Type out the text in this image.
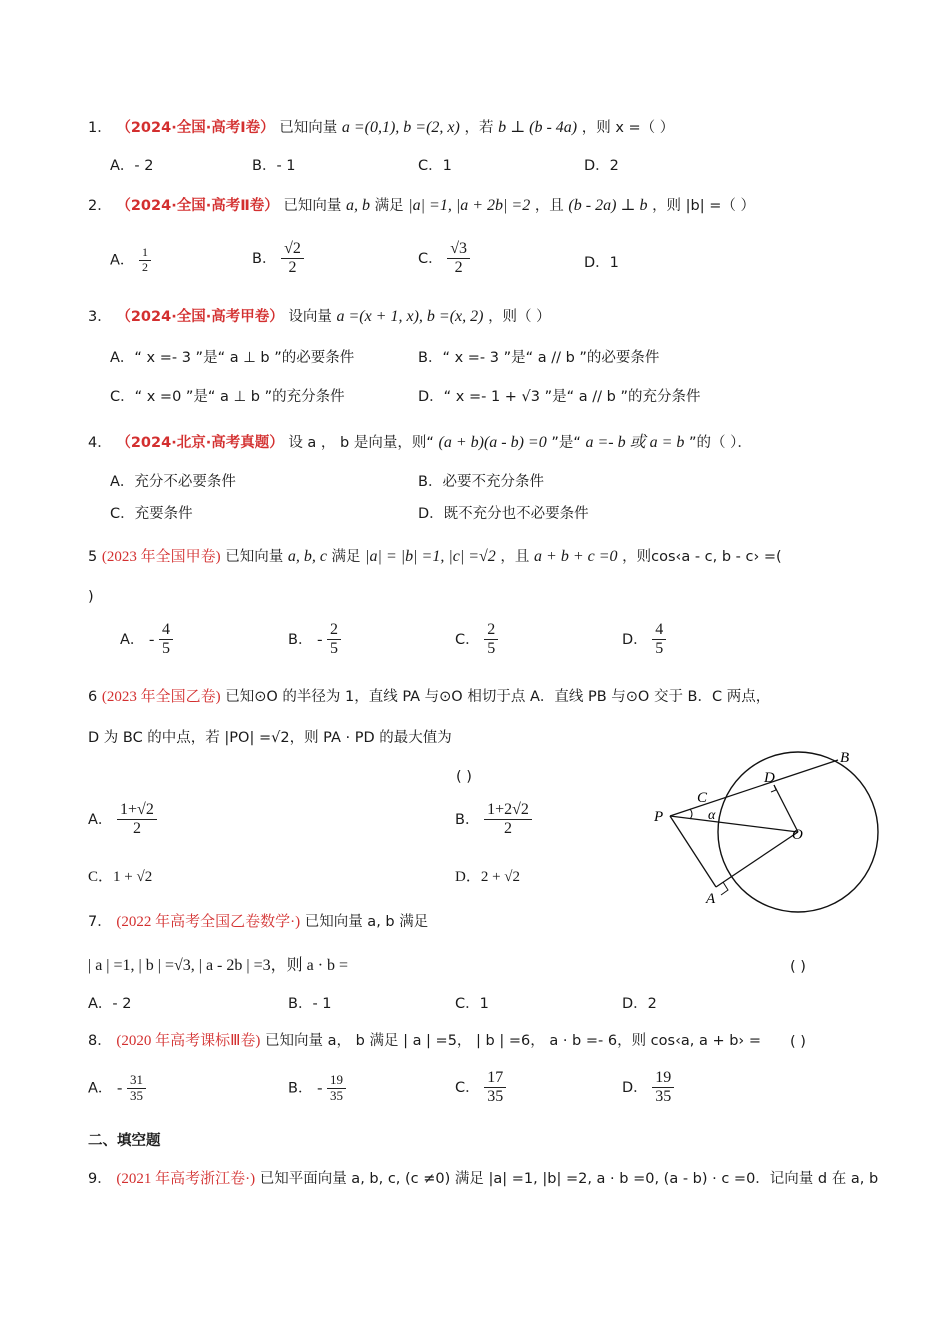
1． （2024·全国·高考Ⅰ卷） 已知向量 a =(0,1), b =(2, x) ，若 b ⊥ (b - 4a) ，则 x =（ ）
A．- 2	B．- 1	C．1	D．2
2． （2024·全国·高考Ⅱ卷） 已知向量 a, b 满足 |a| =1, |a + 2b| =2 ，且 (b - 2a) ⊥ b ，则 |b| =（ ）
A． $\frac{1}{2}$	B． $\frac{√2}{2}$	C． $\frac{√3}{2}$	D．1
3． （2024·全国·高考甲卷） 设向量 a =(x + 1, x), b =(x, 2) ，则（ ）
A．“ x =- 3 ”是“ a ⊥ b ”的必要条件	B．“ x =- 3 ”是“ a // b ”的必要条件
C．“ x =0 ”是“ a ⊥ b ”的充分条件	D．“ x =- 1 + √3 ”是“ a // b ”的充分条件
4． （2024·北京·高考真题） 设 a ， b 是向量，则“ (a + b)(a - b) =0 ”是“ a =- b 或 a = b ”的（ ）．
A．充分不必要条件	B．必要不充分条件
C．充要条件	D．既不充分也不必要条件
5 (2023 年全国甲卷) 已知向量 a, b, c 满足 |a| = |b| =1, |c| =√2 ，且 a + b + c =0 ，则cos‹a - c, b - c› =(
)
A． - $\frac{4}{5}$	B． - $\frac{2}{5}$	C． $\frac{2}{5}$	D． $\frac{4}{5}$
6 (2023 年全国乙卷) 已知⊙O 的半径为 1，直线 PA 与⊙O 相切于点 A．直线 PB 与⊙O 交于 B．C 两点，
D 为 BC 的中点，若 |PO| =√2，则 PA · PD 的最大值为
( )
A． $\frac{1+√2}{2}$	B． $\frac{1+2√2}{2}$
C．1 + √2	D．2 + √2
B
D
C
P	α
O
A
7． (2022 年高考全国乙卷数学·) 已知向量 a, b 满足
| a | =1, | b | =√3, | a - 2b | =3，则 a · b =	( )
A．- 2	B．- 1	C．1	D．2
8． (2020 年高考课标Ⅲ卷) 已知向量 a， b 满足 | a | =5， | b | =6， a · b =- 6，则 cos‹a, a + b› = ( )
A． - $\frac{31}{35}$	B． - $\frac{19}{35}$	C． $\frac{17}{35}$	D． $\frac{19}{35}$
二、填空题
9． (2021 年高考浙江卷·) 已知平面向量 a, b, c, (c ≠0) 满足 |a| =1, |b| =2, a · b =0, (a - b) · c =0．记向量 d 在 a, b
